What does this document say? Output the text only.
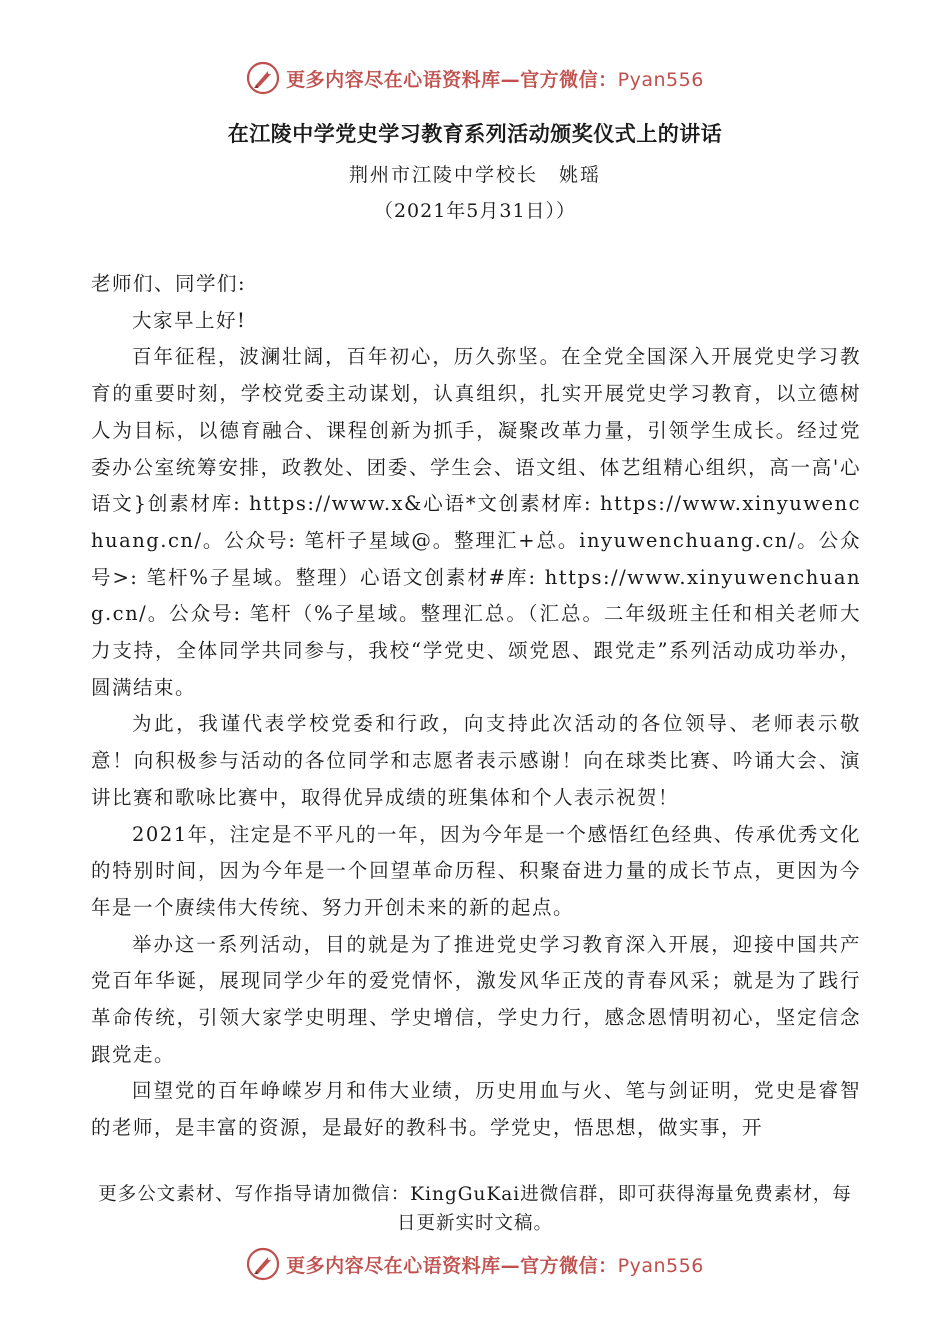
更多内容尽在心语资料库—官方微信：Pyan556
在江陵中学党史学习教育系列活动颁奖仪式上的讲话
荆州市江陵中学校长　姚瑶
（2021年5月31日））

老师们、同学们:

大家早上好!

百年征程，波澜壮阔，百年初心，历久弥坚。在全党全国深入开展党史学习教育的重要时刻，学校党委主动谋划，认真组织，扎实开展党史学习教育，以立德树人为目标，以德育融合、课程创新为抓手，凝聚改革力量，引领学生成长。经过党委办公室统筹安排，政教处、团委、学生会、语文组、体艺组精心组织，高一高'心语文}创素材库: https://www.x&心语*文创素材库: https://www.xinyuwenchuang.cn/。公众号: 笔杆子星域@。整理汇+总。inyuwenchuang.cn/。公众号>: 笔杆%子星域。整理）心语文创素材#库: https://www.xinyuwenchuang.cn/。公众号: 笔杆（%子星域。整理汇总。（汇总。二年级班主任和相关老师大力支持，全体同学共同参与，我校“学党史、颂党恩、跟党走”系列活动成功举办，圆满结束。

为此，我谨代表学校党委和行政，向支持此次活动的各位领导、老师表示敬意！向积极参与活动的各位同学和志愿者表示感谢！向在球类比赛、吟诵大会、演讲比赛和歌咏比赛中，取得优异成绩的班集体和个人表示祝贺！

2021年，注定是不平凡的一年，因为今年是一个感悟红色经典、传承优秀文化的特别时间，因为今年是一个回望革命历程、积聚奋进力量的成长节点，更因为今年是一个赓续伟大传统、努力开创未来的新的起点。

举办这一系列活动，目的就是为了推进党史学习教育深入开展，迎接中国共产党百年华诞，展现同学少年的爱党情怀，激发风华正茂的青春风采；就是为了践行革命传统，引领大家学史明理、学史增信，学史力行，感念恩情明初心，坚定信念跟党走。

回望党的百年峥嵘岁月和伟大业绩，历史用血与火、笔与剑证明，党史是睿智的老师，是丰富的资源，是最好的教科书。学党史，悟思想，做实事，开

更多公文素材、写作指导请加微信：KingGuKai进微信群，即可获得海量免费素材，每日更新实时文稿。
更多内容尽在心语资料库—官方微信：Pyan556
